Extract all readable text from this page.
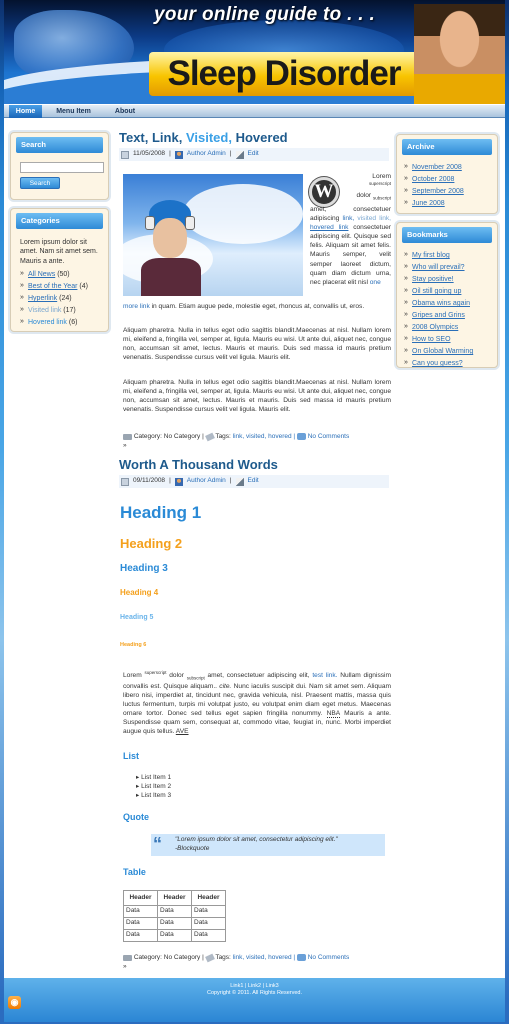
your online guide to . . .
Sleep Disorder
Home	Menu Item	About
Search
Search
Categories
Lorem ipsum dolor sit amet. Nam sit amet sem. Mauris a ante.
» All News (50)
» Best of the Year (4)
» Hyperlink (24)
» Visited link (17)
» Hovered link (6)
Archive
» November 2008
» October 2008
» September 2008
» June 2008
Bookmarks
» My first blog
» Who will prevail?
» Stay positive!
» Oil still going up
» Obama wins again
» Gripes and Grins
» 2008 Olympics
» How to SEO
» On Global Warming
» Can you guess?
Text, Link, Visited, Hovered
11/05/2008 | Author Admin | Edit
W
Lorem
$^{superscript}$
dolor $_{subscript}$
amet, consectetuer adipiscing link, visited link, hovered link consectetuer adipiscing elit. Quisque sed felis. Aliquam sit amet felis. Mauris semper, velit semper laoreet dictum, quam diam dictum urna, nec placerat elit nisl one
more link in quam. Etiam augue pede, molestie eget, rhoncus at, convallis ut, eros.

Aliquam pharetra. Nulla in tellus eget odio sagittis blandit.Maecenas at nisl. Nullam lorem mi, eleifend a, fringilla vel, semper at, ligula. Mauris eu wisi. Ut ante dui, aliquet nec, congue non, accumsan sit amet, lectus. Mauris et mauris. Duis sed massa id mauris pretium venenatis. Suspendisse cursus velit vel ligula. Mauris elit.

Aliquam pharetra. Nulla in tellus eget odio sagittis blandit.Maecenas at nisl. Nullam lorem mi, eleifend a, fringilla vel, semper at, ligula. Mauris eu wisi. Ut ante dui, aliquet nec, congue non, accumsan sit amet, lectus. Mauris et mauris. Duis sed massa id mauris pretium venenatis. Suspendisse cursus velit vel ligula. Mauris elit.

Category: No Category | Tags: link, visited, hovered | No Comments
»
Worth A Thousand Words
09/11/2008 | Author Admin | Edit
Heading 1
Heading 2
Heading 3
Heading 4
Heading 5
Heading 6
Lorem $^{superscript}$ dolor $_{subscript}$ amet, consectetuer adipiscing elit, test link. Nullam dignissim convallis est. Quisque aliquam.. cite. Nunc iaculis suscipit dui. Nam sit amet sem. Aliquam libero nisi, imperdiet at, tincidunt nec, gravida vehicula, nisl. Praesent mattis, massa quis luctus fermentum, turpis mi volutpat justo, eu volutpat enim diam eget metus. Maecenas ornare tortor. Donec sed tellus eget sapien fringilla nonummy. NBA Mauris a ante. Suspendisse quam sem, consequat at, commodo vitae, feugiat in, nunc. Morbi imperdiet augue quis tellus. AVE
List
▸ List Item 1
▸ List Item 2
▸ List Item 3
Quote
“ "Lorem ipsum dolor sit amet, consectetur adipiscing elit."
-Blockquote
Table
Header	Header	Header
Data	Data	Data
Data	Data	Data
Data	Data	Data
Category: No Category | Tags: link, visited, hovered | No Comments
»
Link1 | Link2 | Link3
Copyright © 2011. All Rights Reserved.
◉
